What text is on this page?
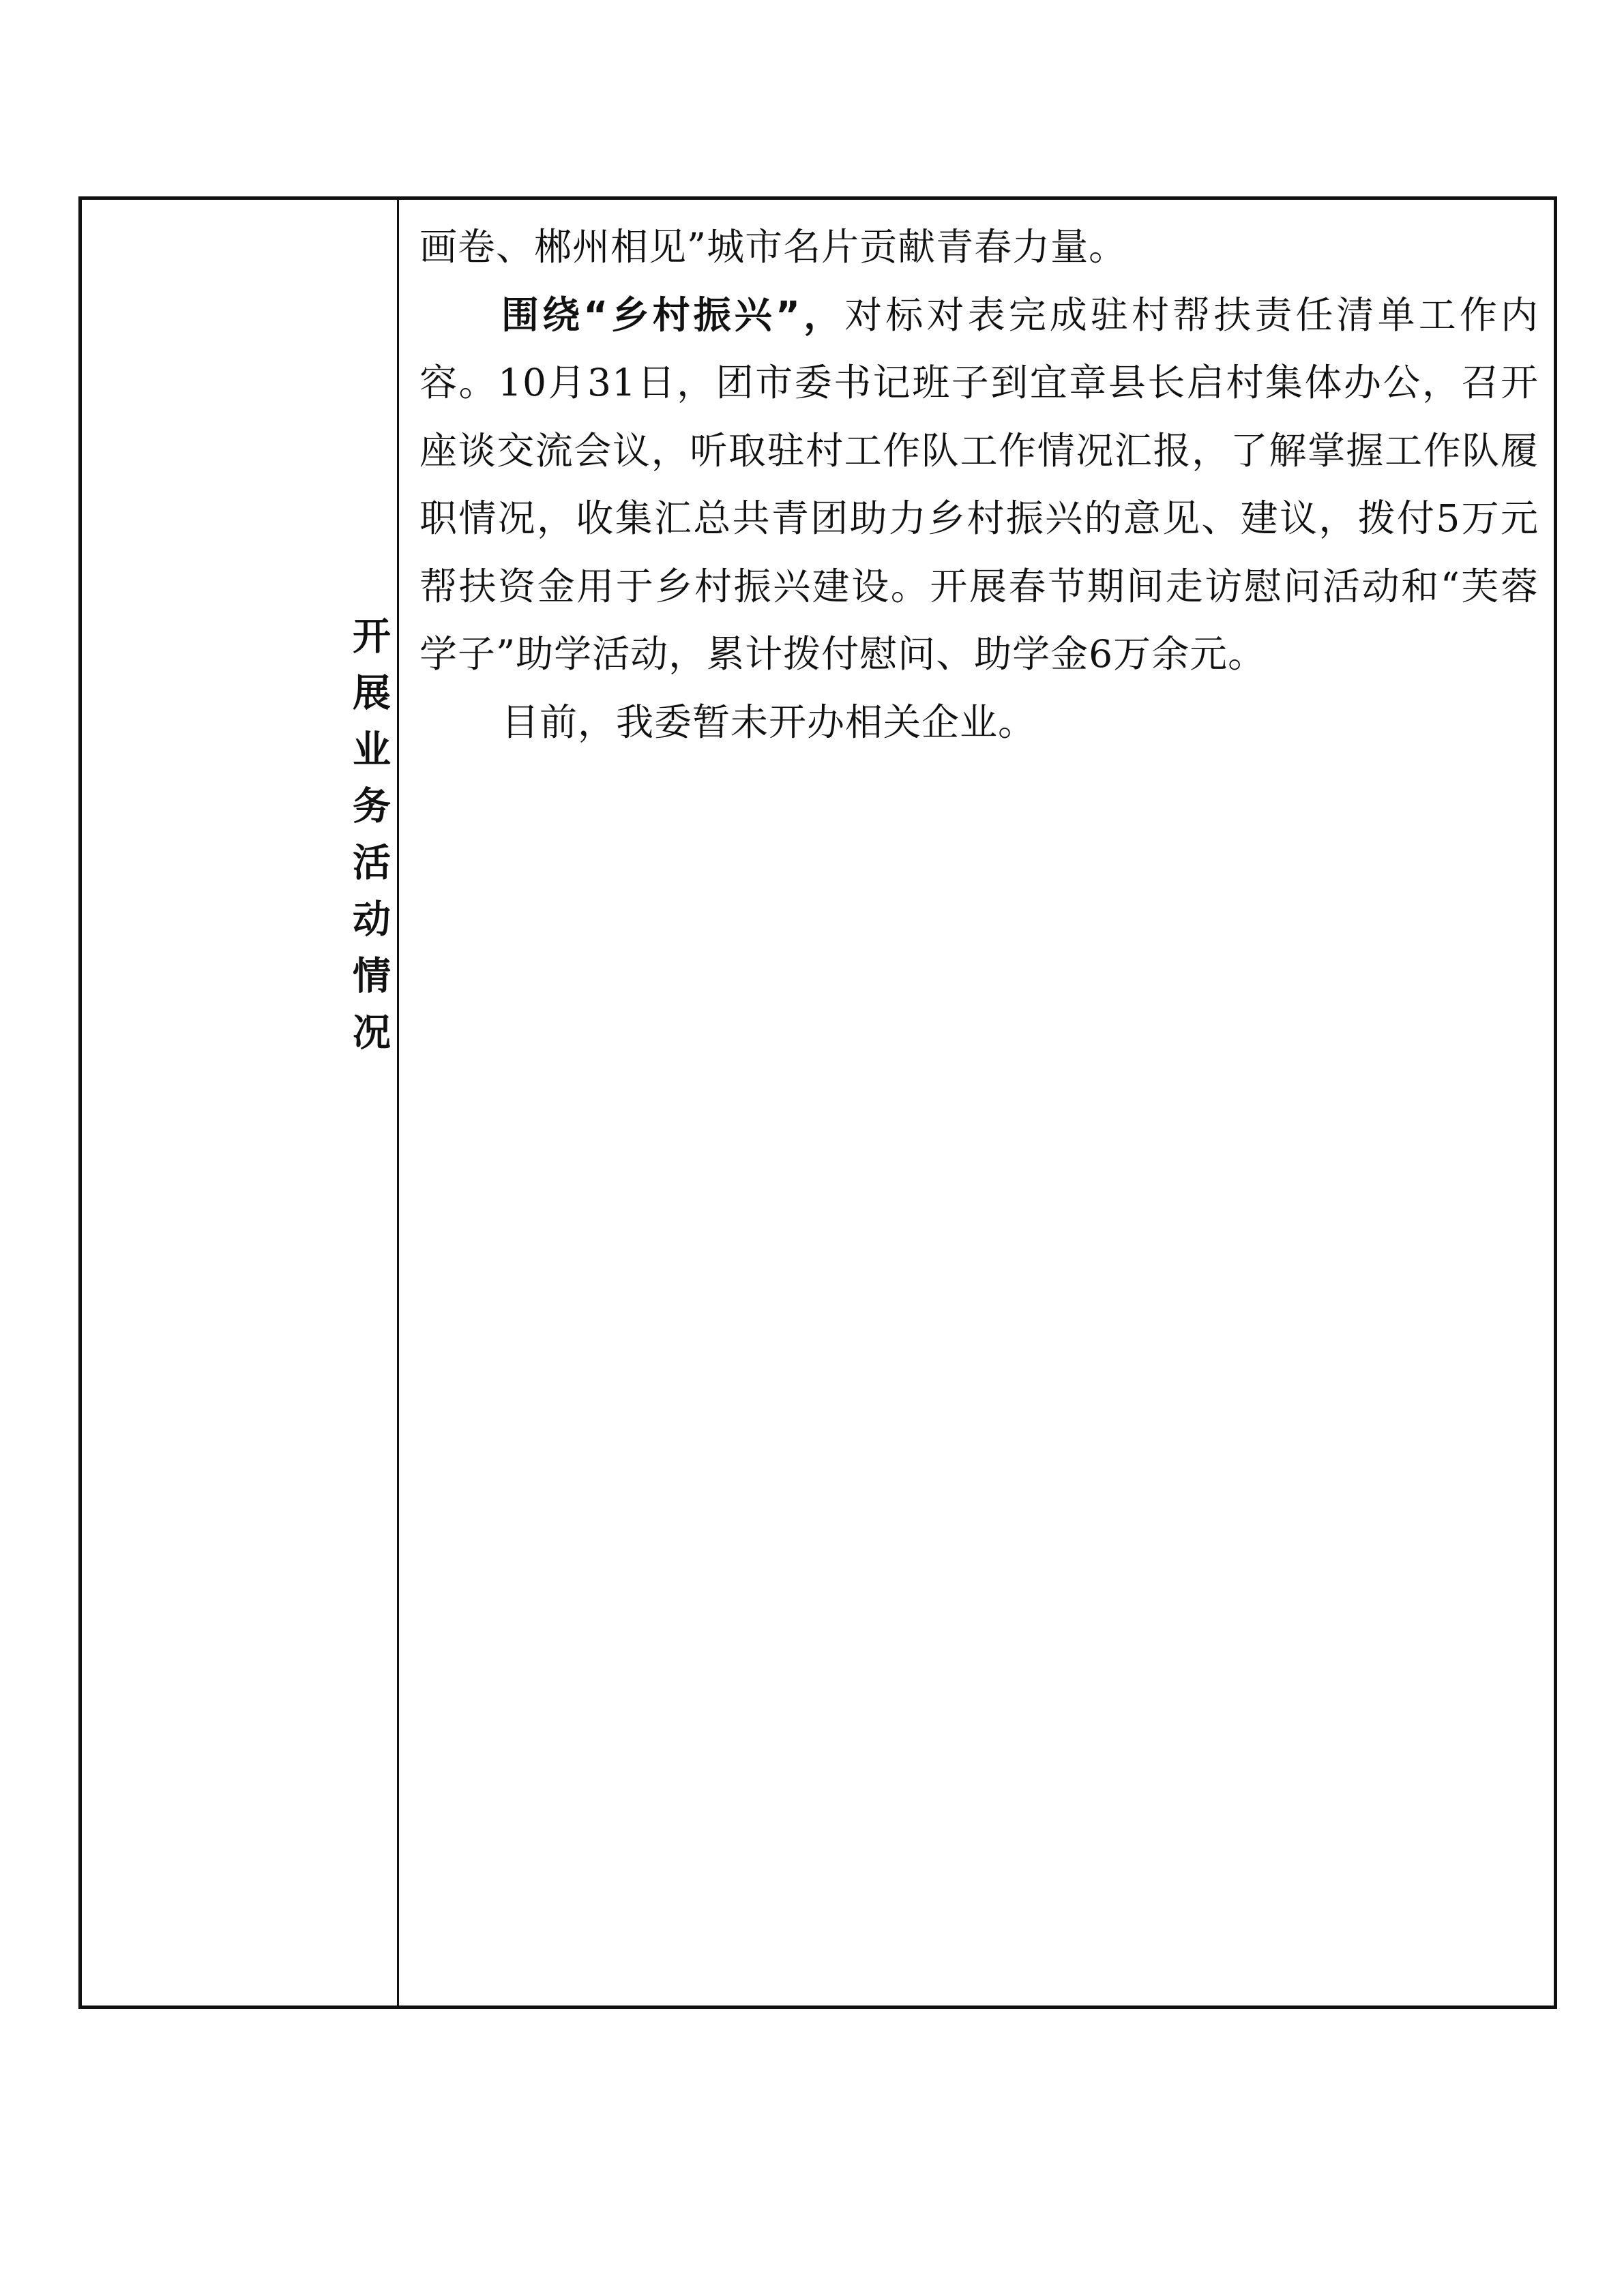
开展业务活动情况

画卷、郴州相见”城市名片贡献青春力量。

围绕“乡村振兴”，对标对表完成驻村帮扶责任清单工作内容。10月31日，团市委书记班子到宜章县长启村集体办公，召开座谈交流会议，听取驻村工作队工作情况汇报，了解掌握工作队履职情况，收集汇总共青团助力乡村振兴的意见、建议，拨付5万元帮扶资金用于乡村振兴建设。开展春节期间走访慰问活动和“芙蓉学子”助学活动，累计拨付慰问、助学金6万余元。

目前，我委暂未开办相关企业。
